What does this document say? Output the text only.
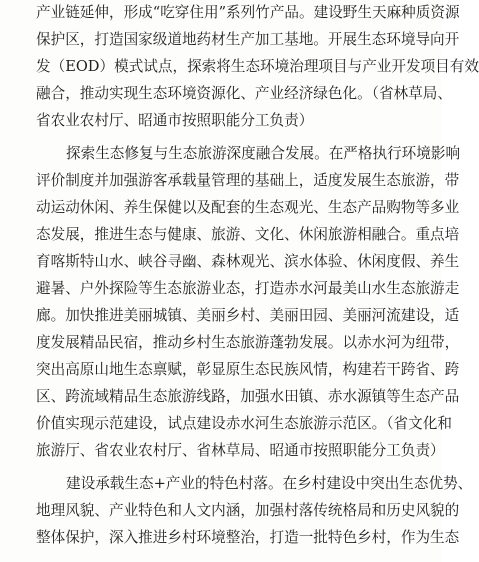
产业链延伸，形成“吃穿住用”系列竹产品。建设野生天麻种质资源
保护区，打造国家级道地药材生产加工基地。开展生态环境导向开
发（EOD）模式试点，探索将生态环境治理项目与产业开发项目有效
融合，推动实现生态环境资源化、产业经济绿色化。（省林草局、
省农业农村厅、昭通市按照职能分工负责）
探索生态修复与生态旅游深度融合发展。在严格执行环境影响
评价制度并加强游客承载量管理的基础上，适度发展生态旅游，带
动运动休闲、养生保健以及配套的生态观光、生态产品购物等多业
态发展，推进生态与健康、旅游、文化、休闲旅游相融合。重点培
育喀斯特山水、峡谷寻幽、森林观光、滨水体验、休闲度假、养生
避暑、户外探险等生态旅游业态，打造赤水河最美山水生态旅游走
廊。加快推进美丽城镇、美丽乡村、美丽田园、美丽河流建设，适
度发展精品民宿，推动乡村生态旅游蓬勃发展。以赤水河为纽带，
突出高原山地生态禀赋，彰显原生态民族风情，构建若干跨省、跨
区、跨流域精品生态旅游线路，加强水田镇、赤水源镇等生态产品
价值实现示范建设，试点建设赤水河生态旅游示范区。（省文化和
旅游厅、省农业农村厅、省林草局、昭通市按照职能分工负责）
建设承载生态+产业的特色村落。在乡村建设中突出生态优势、
地理风貌、产业特色和人文内涵，加强村落传统格局和历史风貌的
整体保护，深入推进乡村环境整治，打造一批特色乡村，作为生态
